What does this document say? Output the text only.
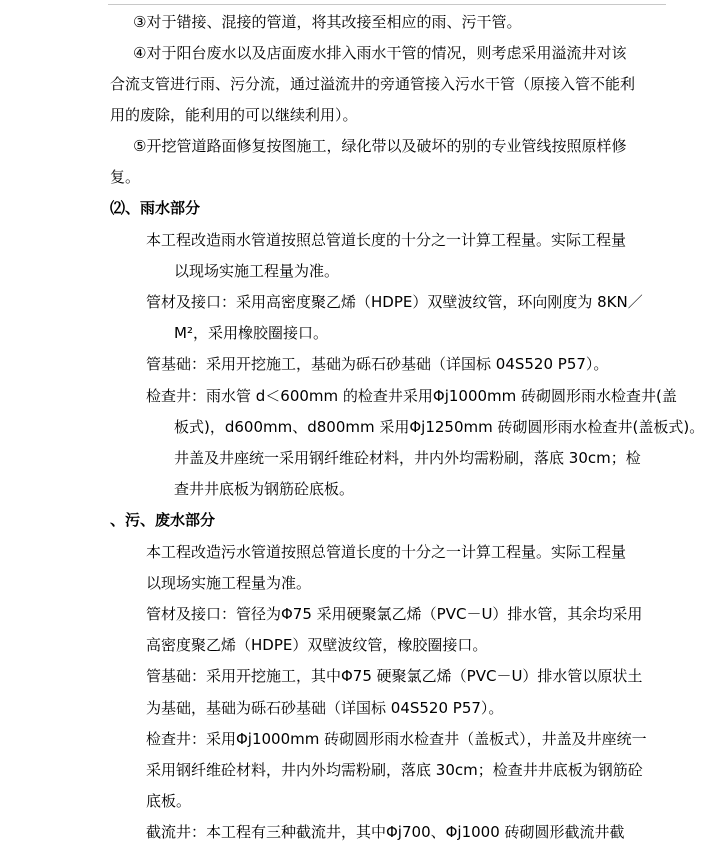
③对于错接、混接的管道，将其改接至相应的雨、污干管。
④对于阳台废水以及店面废水排入雨水干管的情况，则考虑采用溢流井对该
合流支管进行雨、污分流，通过溢流井的旁通管接入污水干管（原接入管不能利
用的废除，能利用的可以继续利用）。
⑤开挖管道路面修复按图施工，绿化带以及破坏的别的专业管线按照原样修
复。
⑵、雨水部分
本工程改造雨水管道按照总管道长度的十分之一计算工程量。实际工程量
以现场实施工程量为准。
管材及接口：采用高密度聚乙烯（HDPE）双壁波纹管，环向刚度为 8KN／
M²，采用橡胶圈接口。
管基础：采用开挖施工，基础为砾石砂基础（详国标 04S520 P57）。
检查井：雨水管 d＜600mm 的检查井采用Φj1000mm 砖砌圆形雨水检查井(盖
板式)，d600mm、d800mm 采用Φj1250mm 砖砌圆形雨水检查井(盖板式)。
井盖及井座统一采用钢纤维砼材料，井内外均需粉刷，落底 30cm；检
查井井底板为钢筋砼底板。
、污、废水部分
本工程改造污水管道按照总管道长度的十分之一计算工程量。实际工程量
以现场实施工程量为准。
管材及接口：管径为Φ75 采用硬聚氯乙烯（PVC－U）排水管，其余均采用
高密度聚乙烯（HDPE）双壁波纹管，橡胶圈接口。
管基础：采用开挖施工，其中Φ75 硬聚氯乙烯（PVC－U）排水管以原状土
为基础，基础为砾石砂基础（详国标 04S520 P57）。
检查井：采用Φj1000mm 砖砌圆形雨水检查井（盖板式），井盖及井座统一
采用钢纤维砼材料，井内外均需粉刷，落底 30cm；检查井井底板为钢筋砼
底板。
截流井：本工程有三种截流井，其中Φj700、Φj1000 砖砌圆形截流井截
